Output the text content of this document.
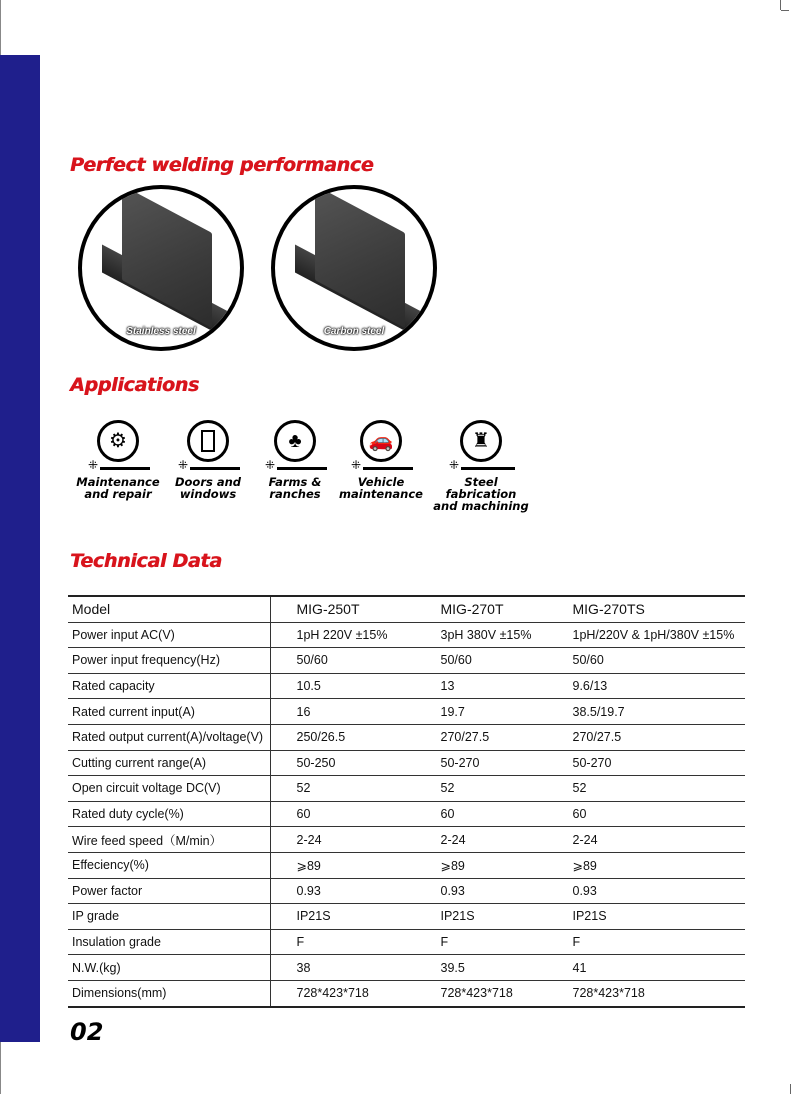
Perfect welding performance
Stainless steel	Carbon steel
Applications
⚙
⁜
Maintenance
and repair
⁜
Doors and
windows
♣
⁜
Farms &
ranches
🚗
⁜
Vehicle
maintenance
♜
⁜
Steel fabrication
and machining
Technical Data
Model	MIG-250T	MIG-270T	MIG-270TS
Power input AC(V)	1pH 220V ±15%	3pH 380V ±15%	1pH/220V & 1pH/380V ±15%
Power input frequency(Hz)	50/60	50/60	50/60
Rated capacity	10.5	13	9.6/13
Rated current input(A)	16	19.7	38.5/19.7
Rated output current(A)/voltage(V)	250/26.5	270/27.5	270/27.5
Cutting current range(A)	50-250	50-270	50-270
Open circuit voltage DC(V)	52	52	52
Rated duty cycle(%)	60	60	60
Wire feed speed（M/min）	2-24	2-24	2-24
Effeciency(%)	⩾89	⩾89	⩾89
Power factor	0.93	0.93	0.93
IP grade	IP21S	IP21S	IP21S
Insulation grade	F	F	F
N.W.(kg)	38	39.5	41
Dimensions(mm)	728*423*718	728*423*718	728*423*718
02
